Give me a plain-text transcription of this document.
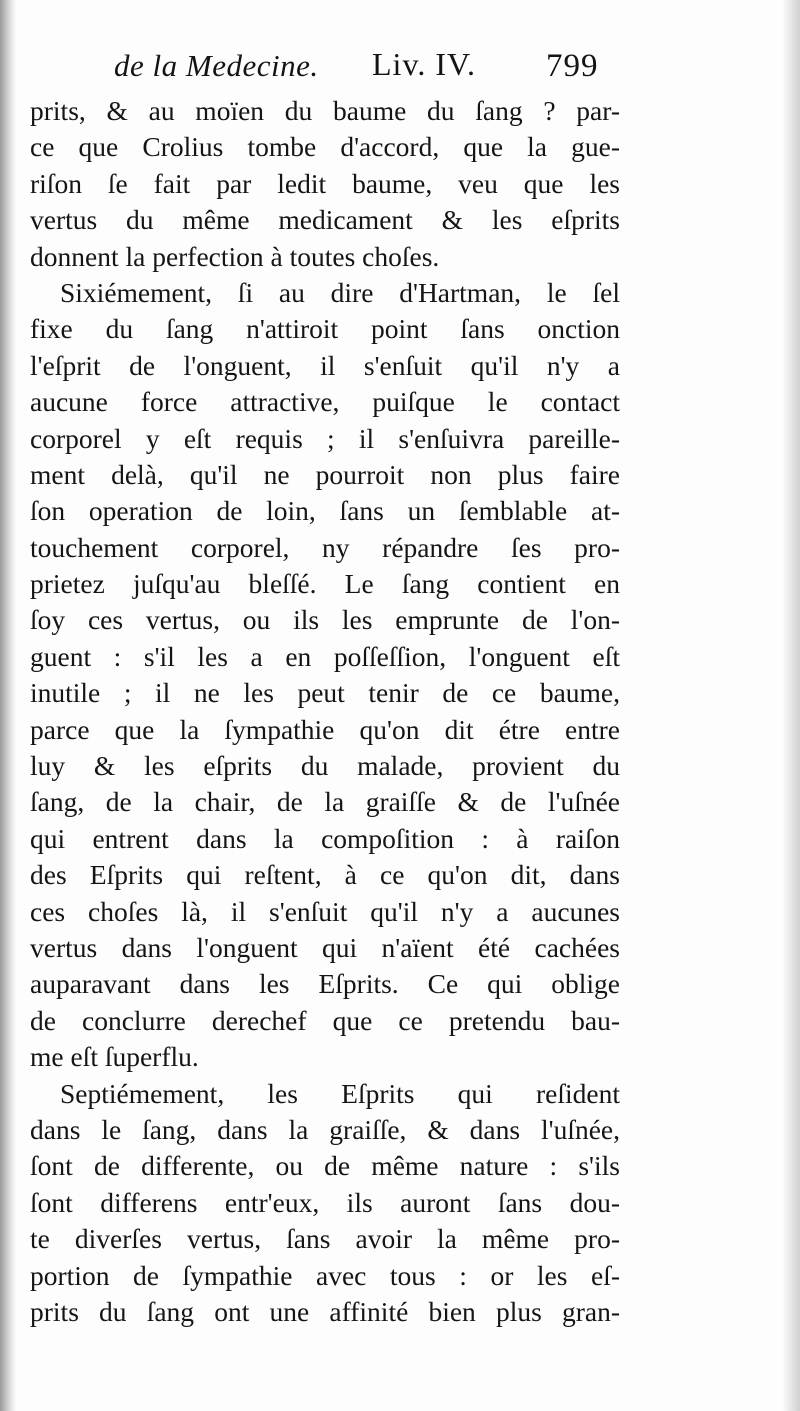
de la Medecine. Liv. IV. 799
prits, & au moïen du baume du ſang ? par-
ce que Crolius tombe d'accord, que la gue-
riſon ſe fait par ledit baume, veu que les
vertus du même medicament & les eſprits
donnent la perfection à toutes choſes.
Sixiémement, ſi au dire d'Hartman, le ſel
fixe du ſang n'attiroit point ſans onction
l'eſprit de l'onguent, il s'enſuit qu'il n'y a
aucune force attractive, puiſque le contact
corporel y eſt requis ; il s'enſuivra pareille-
ment delà, qu'il ne pourroit non plus faire
ſon operation de loin, ſans un ſemblable at-
touchement corporel, ny répandre ſes pro-
prietez juſqu'au bleſſé. Le ſang contient en
ſoy ces vertus, ou ils les emprunte de l'on-
guent : s'il les a en poſſeſſion, l'onguent eſt
inutile ; il ne les peut tenir de ce baume,
parce que la ſympathie qu'on dit étre entre
luy & les eſprits du malade, provient du
ſang, de la chair, de la graiſſe & de l'uſnée
qui entrent dans la compoſition : à raiſon
des Eſprits qui reſtent, à ce qu'on dit, dans
ces choſes là, il s'enſuit qu'il n'y a aucunes
vertus dans l'onguent qui n'aïent été cachées
auparavant dans les Eſprits. Ce qui oblige
de conclurre derechef que ce pretendu bau-
me eſt ſuperflu.
Septiémement, les Eſprits qui reſident
dans le ſang, dans la graiſſe, & dans l'uſnée,
ſont de differente, ou de même nature : s'ils
ſont differens entr'eux, ils auront ſans dou-
te diverſes vertus, ſans avoir la même pro-
portion de ſympathie avec tous : or les eſ-
prits du ſang ont une affinité bien plus gran-
